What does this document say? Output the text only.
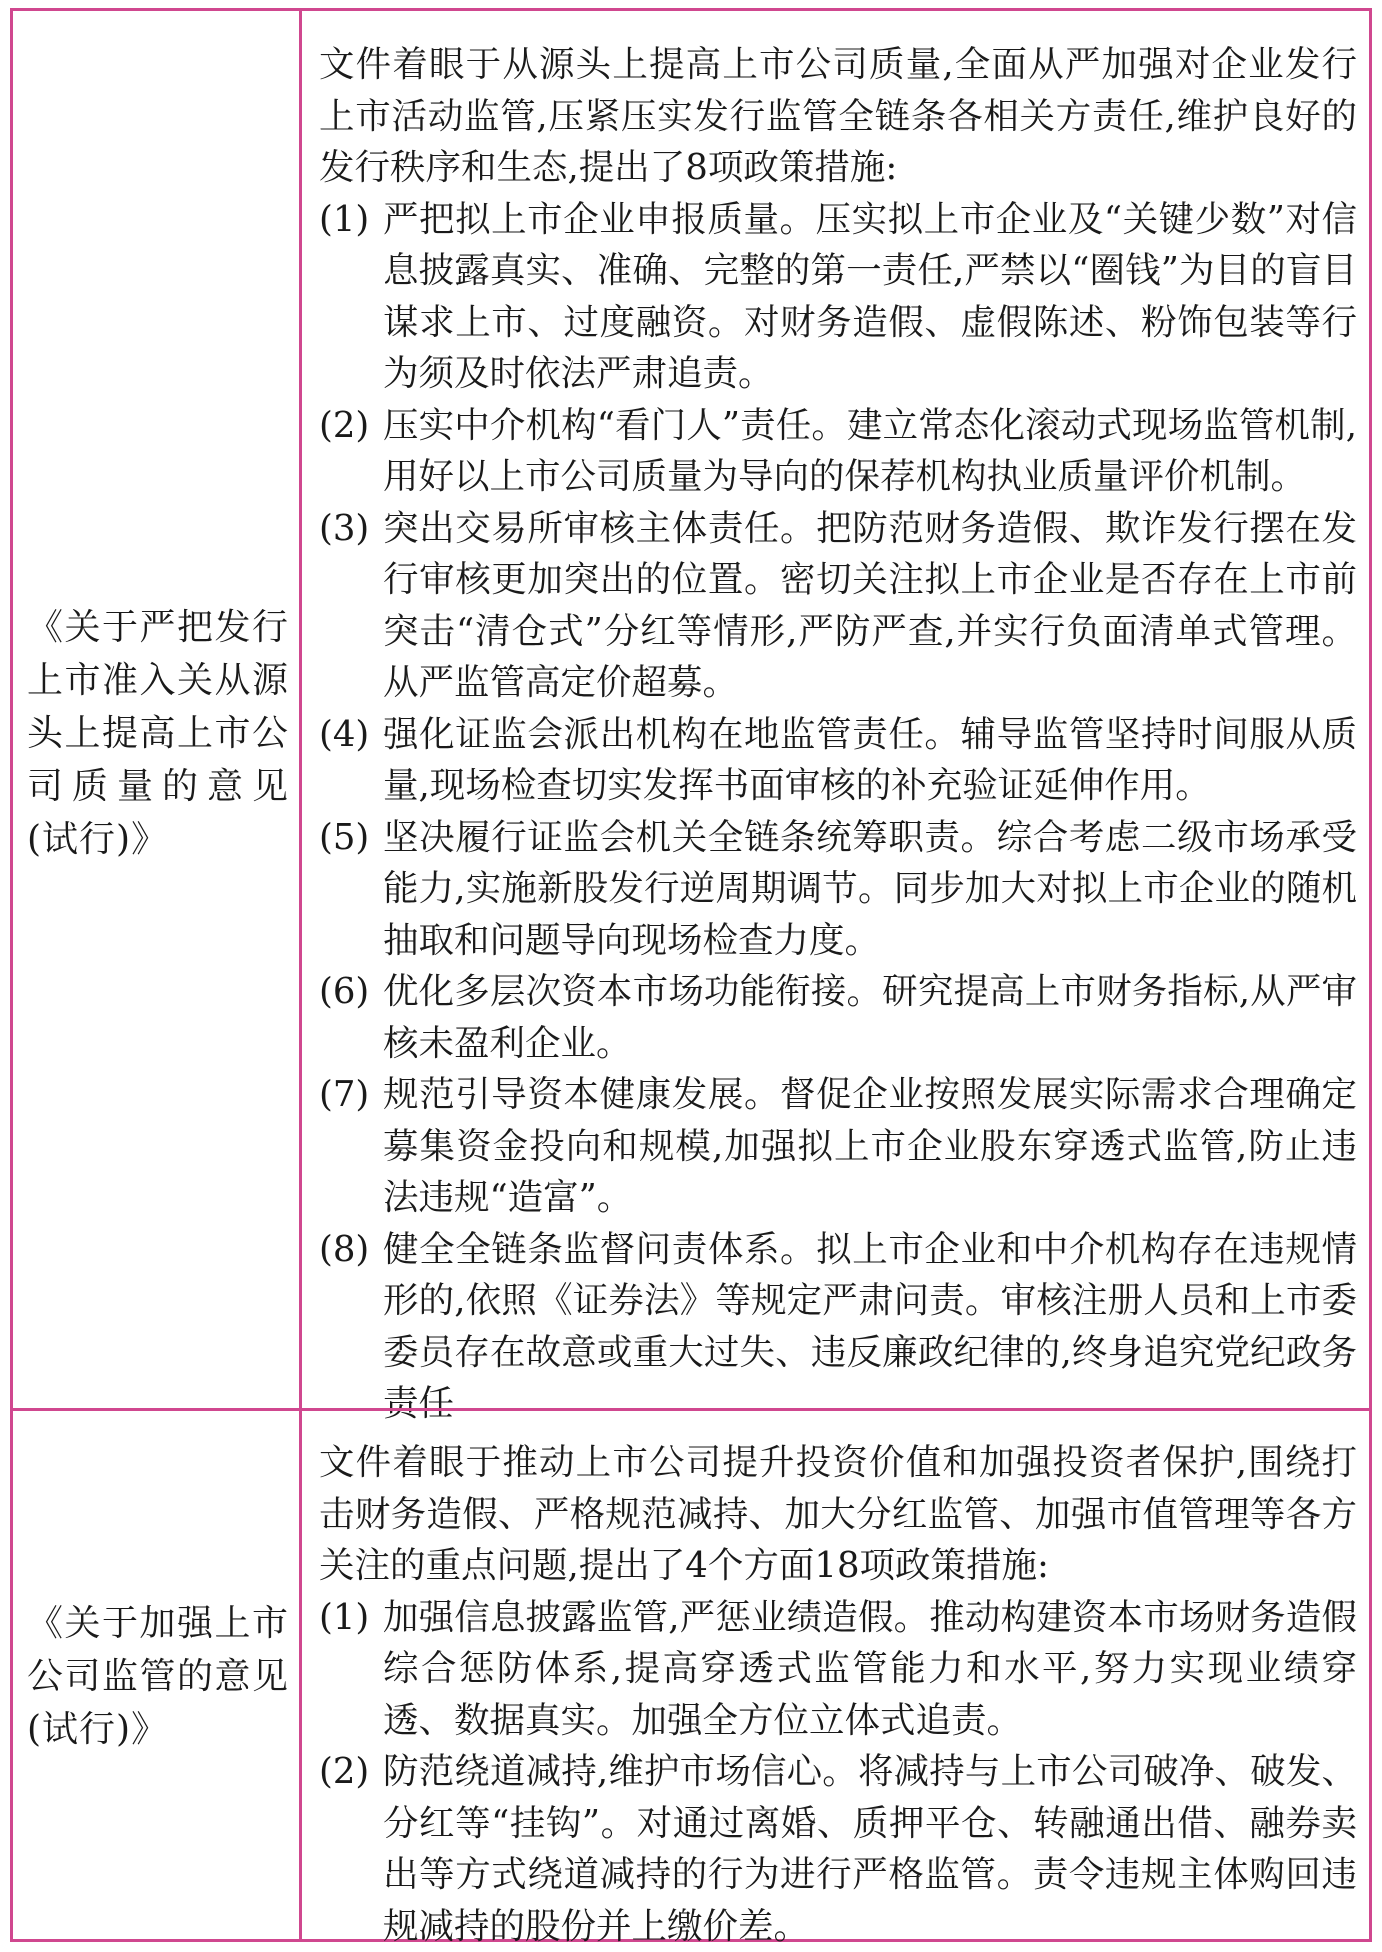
《关于严把发行上市准入关从源头上提高上市公司质量的意见(试行)》

文件着眼于从源头上提高上市公司质量,全面从严加强对企业发行上市活动监管,压紧压实发行监管全链条各相关方责任,维护良好的发行秩序和生态,提出了8项政策措施:

(1) 严把拟上市企业申报质量。压实拟上市企业及“关键少数”对信息披露真实、准确、完整的第一责任,严禁以“圈钱”为目的盲目谋求上市、过度融资。对财务造假、虚假陈述、粉饰包装等行为须及时依法严肃追责。
(2) 压实中介机构“看门人”责任。建立常态化滚动式现场监管机制,用好以上市公司质量为导向的保荐机构执业质量评价机制。
(3) 突出交易所审核主体责任。把防范财务造假、欺诈发行摆在发行审核更加突出的位置。密切关注拟上市企业是否存在上市前突击“清仓式”分红等情形,严防严查,并实行负面清单式管理。从严监管高定价超募。
(4) 强化证监会派出机构在地监管责任。辅导监管坚持时间服从质量,现场检查切实发挥书面审核的补充验证延伸作用。
(5) 坚决履行证监会机关全链条统筹职责。综合考虑二级市场承受能力,实施新股发行逆周期调节。同步加大对拟上市企业的随机抽取和问题导向现场检查力度。
(6) 优化多层次资本市场功能衔接。研究提高上市财务指标,从严审核未盈利企业。
(7) 规范引导资本健康发展。督促企业按照发展实际需求合理确定募集资金投向和规模,加强拟上市企业股东穿透式监管,防止违法违规“造富”。
(8) 健全全链条监督问责体系。拟上市企业和中介机构存在违规情形的,依照《证券法》等规定严肃问责。审核注册人员和上市委委员存在故意或重大过失、违反廉政纪律的,终身追究党纪政务责任
《关于加强上市公司监管的意见(试行)》

文件着眼于推动上市公司提升投资价值和加强投资者保护,围绕打击财务造假、严格规范减持、加大分红监管、加强市值管理等各方关注的重点问题,提出了4个方面18项政策措施:

(1) 加强信息披露监管,严惩业绩造假。推动构建资本市场财务造假综合惩防体系,提高穿透式监管能力和水平,努力实现业绩穿透、数据真实。加强全方位立体式追责。
(2) 防范绕道减持,维护市场信心。将减持与上市公司破净、破发、分红等“挂钩”。对通过离婚、质押平仓、转融通出借、融券卖出等方式绕道减持的行为进行严格监管。责令违规主体购回违规减持的股份并上缴价差。
